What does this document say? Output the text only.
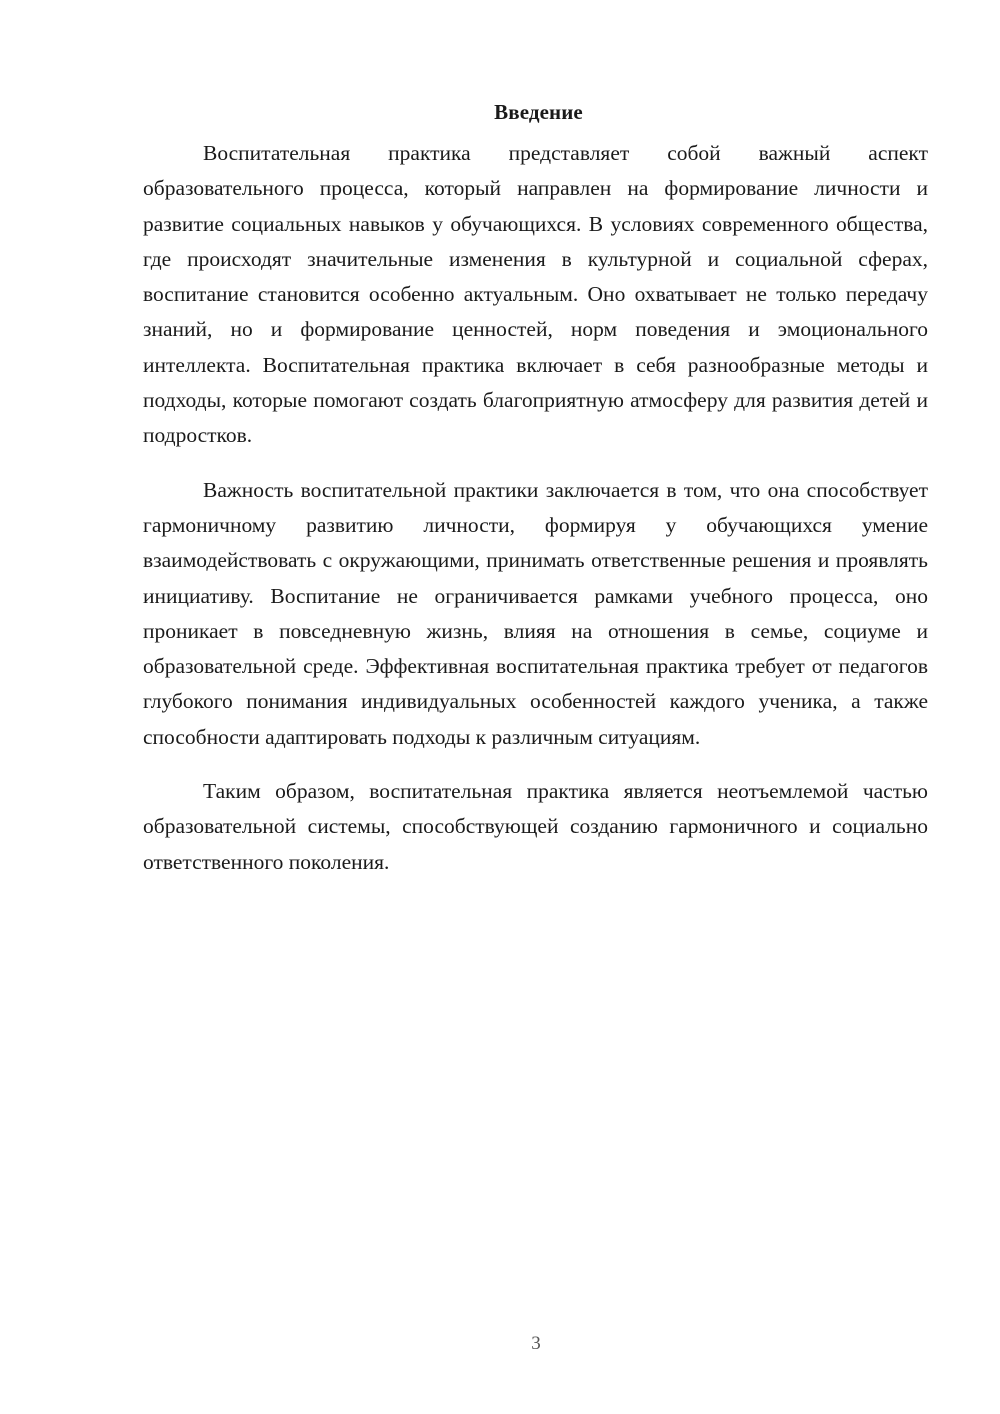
Введение

Воспитательная практика представляет собой важный аспект образовательного процесса, который направлен на формирование личности и развитие социальных навыков у обучающихся. В условиях современного общества, где происходят значительные изменения в культурной и социальной сферах, воспитание становится особенно актуальным. Оно охватывает не только передачу знаний, но и формирование ценностей, норм поведения и эмоционального интеллекта. Воспитательная практика включает в себя разнообразные методы и подходы, которые помогают создать благоприятную атмосферу для развития детей и подростков.

Важность воспитательной практики заключается в том, что она способствует гармоничному развитию личности, формируя у обучающихся умение взаимодействовать с окружающими, принимать ответственные решения и проявлять инициативу. Воспитание не ограничивается рамками учебного процесса, оно проникает в повседневную жизнь, влияя на отношения в семье, социуме и образовательной среде. Эффективная воспитательная практика требует от педагогов глубокого понимания индивидуальных особенностей каждого ученика, а также способности адаптировать подходы к различным ситуациям.

Таким образом, воспитательная практика является неотъемлемой частью образовательной системы, способствующей созданию гармоничного и социально ответственного поколения.

3
